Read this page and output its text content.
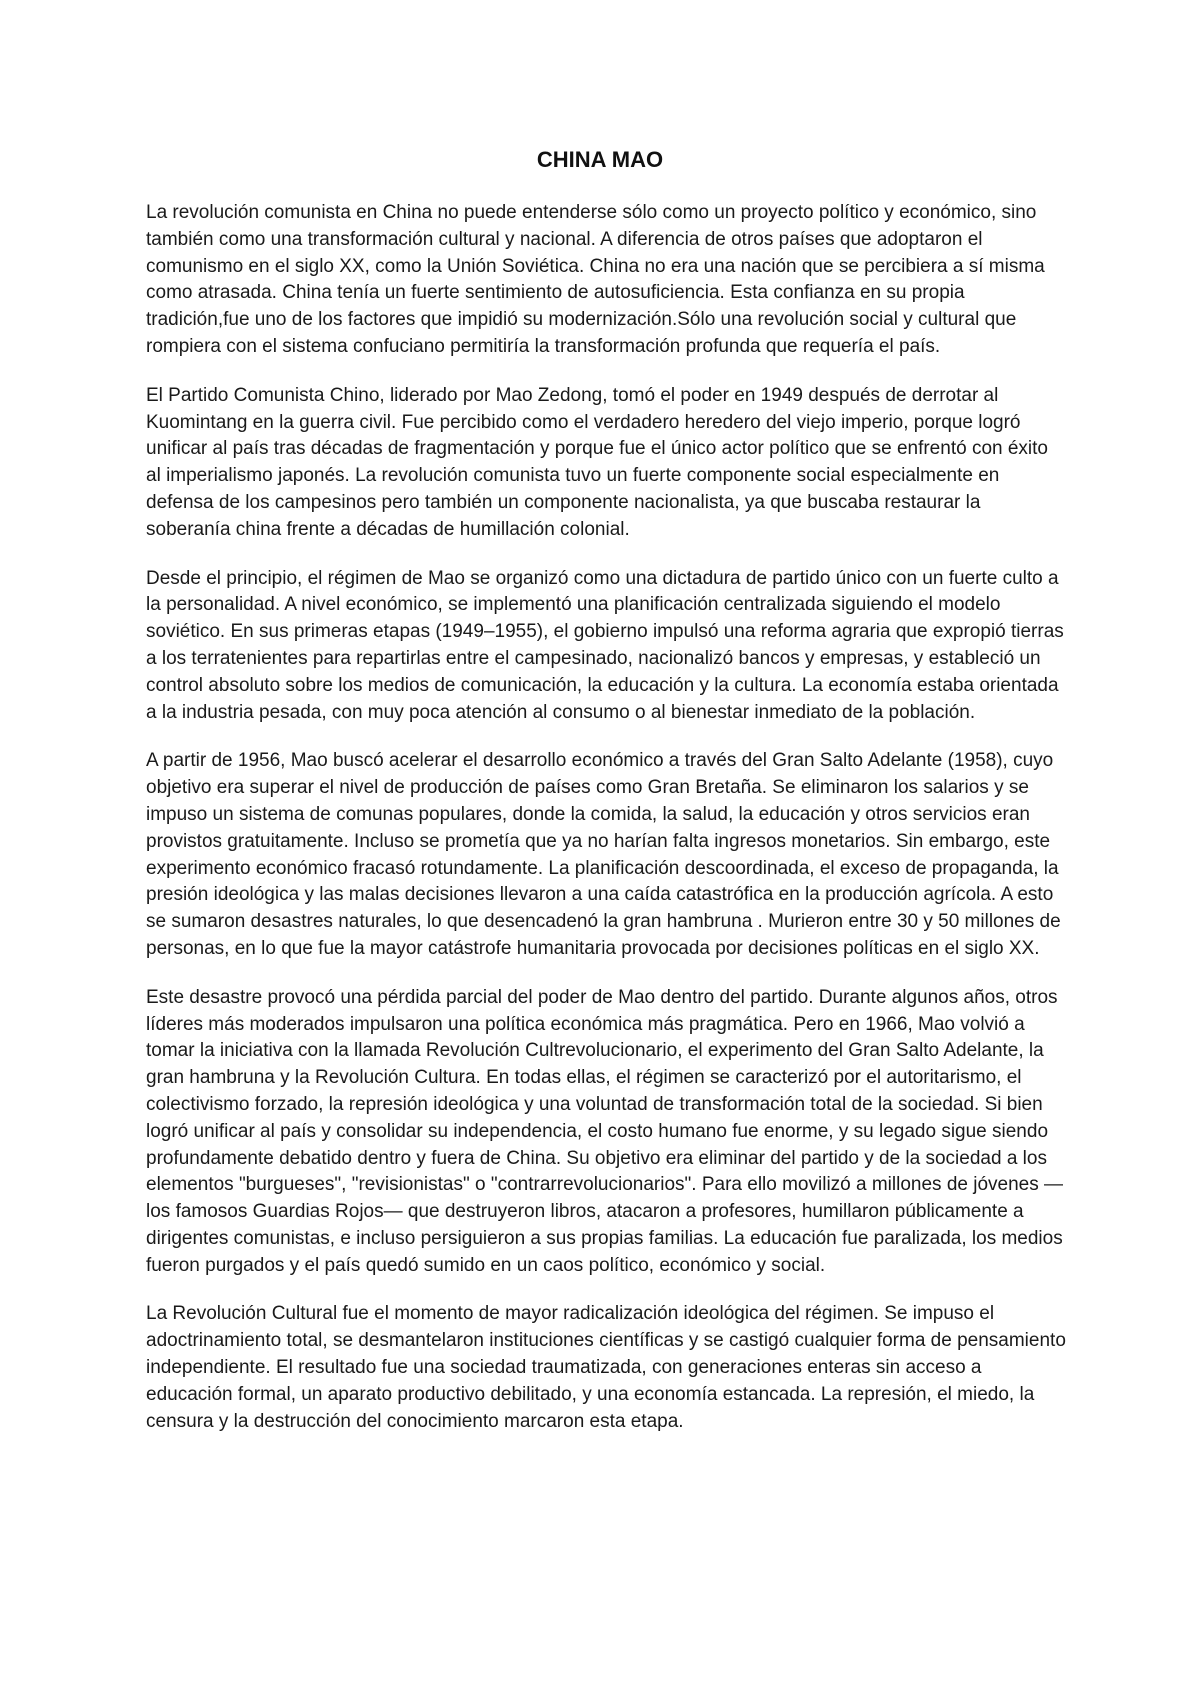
CHINA MAO

La revolución comunista en China no puede entenderse sólo como un proyecto político y económico, sino también como una transformación cultural y nacional. A diferencia de otros países que adoptaron el comunismo en el siglo XX, como la Unión Soviética. China no era una nación que se percibiera a sí misma como atrasada. China tenía un fuerte sentimiento de autosuficiencia. Esta confianza en su propia tradición,fue uno de los factores que impidió su modernización.Sólo una revolución social y cultural que rompiera con el sistema confuciano permitiría la transformación profunda que requería el país.

El Partido Comunista Chino, liderado por Mao Zedong, tomó el poder en 1949 después de derrotar al Kuomintang en la guerra civil. Fue percibido como el verdadero heredero del viejo imperio, porque logró unificar al país tras décadas de fragmentación y porque fue el único actor político que se enfrentó con éxito al imperialismo japonés. La revolución comunista tuvo un fuerte componente social especialmente en defensa de los campesinos pero también un componente nacionalista, ya que buscaba restaurar la soberanía china frente a décadas de humillación colonial.

Desde el principio, el régimen de Mao se organizó como una dictadura de partido único con un fuerte culto a la personalidad. A nivel económico, se implementó una planificación centralizada siguiendo el modelo soviético. En sus primeras etapas (1949–1955), el gobierno impulsó una reforma agraria que expropió tierras a los terratenientes para repartirlas entre el campesinado, nacionalizó bancos y empresas, y estableció un control absoluto sobre los medios de comunicación, la educación y la cultura. La economía estaba orientada a la industria pesada, con muy poca atención al consumo o al bienestar inmediato de la población.

A partir de 1956, Mao buscó acelerar el desarrollo económico a través del Gran Salto Adelante (1958), cuyo objetivo era superar el nivel de producción de países como Gran Bretaña. Se eliminaron los salarios y se impuso un sistema de comunas populares, donde la comida, la salud, la educación y otros servicios eran provistos gratuitamente. Incluso se prometía que ya no harían falta ingresos monetarios. Sin embargo, este experimento económico fracasó rotundamente. La planificación descoordinada, el exceso de propaganda, la presión ideológica y las malas decisiones llevaron a una caída catastrófica en la producción agrícola. A esto se sumaron desastres naturales, lo que desencadenó la gran hambruna . Murieron entre 30 y 50 millones de personas, en lo que fue la mayor catástrofe humanitaria provocada por decisiones políticas en el siglo XX.

Este desastre provocó una pérdida parcial del poder de Mao dentro del partido. Durante algunos años, otros líderes más moderados impulsaron una política económica más pragmática. Pero en 1966, Mao volvió a tomar la iniciativa con la llamada Revolución Cultrevolucionario, el experimento del Gran Salto Adelante, la gran hambruna y la Revolución Cultura. En todas ellas, el régimen se caracterizó por el autoritarismo, el colectivismo forzado, la represión ideológica y una voluntad de transformación total de la sociedad. Si bien logró unificar al país y consolidar su independencia, el costo humano fue enorme, y su legado sigue siendo profundamente debatido dentro y fuera de China. Su objetivo era eliminar del partido y de la sociedad a los elementos "burgueses", "revisionistas" o "contrarrevolucionarios". Para ello movilizó a millones de jóvenes —los famosos Guardias Rojos— que destruyeron libros, atacaron a profesores, humillaron públicamente a dirigentes comunistas, e incluso persiguieron a sus propias familias. La educación fue paralizada, los medios fueron purgados y el país quedó sumido en un caos político, económico y social.

La Revolución Cultural fue el momento de mayor radicalización ideológica del régimen. Se impuso el adoctrinamiento total, se desmantelaron instituciones científicas y se castigó cualquier forma de pensamiento independiente. El resultado fue una sociedad traumatizada, con generaciones enteras sin acceso a educación formal, un aparato productivo debilitado, y una economía estancada. La represión, el miedo, la censura y la destrucción del conocimiento marcaron esta etapa.
